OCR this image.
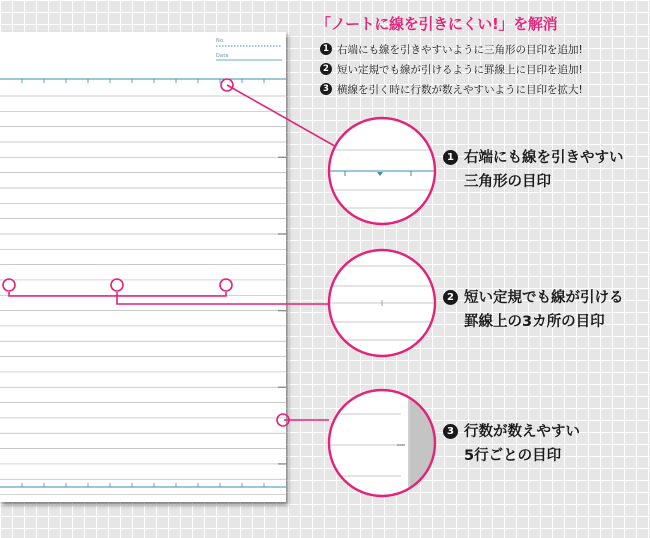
No.
Date
「ノートに線を引きにくい!」を解消
1 右端にも線を引きやすいように三角形の目印を追加!
2 短い定規でも線が引けるように罫線上に目印を追加!
3 横線を引く時に行数が数えやすいように目印を拡大!
1 右端にも線を引きやすい
三角形の目印
2 短い定規でも線が引ける
罫線上の3カ所の目印
3 行数が数えやすい
5行ごとの目印
